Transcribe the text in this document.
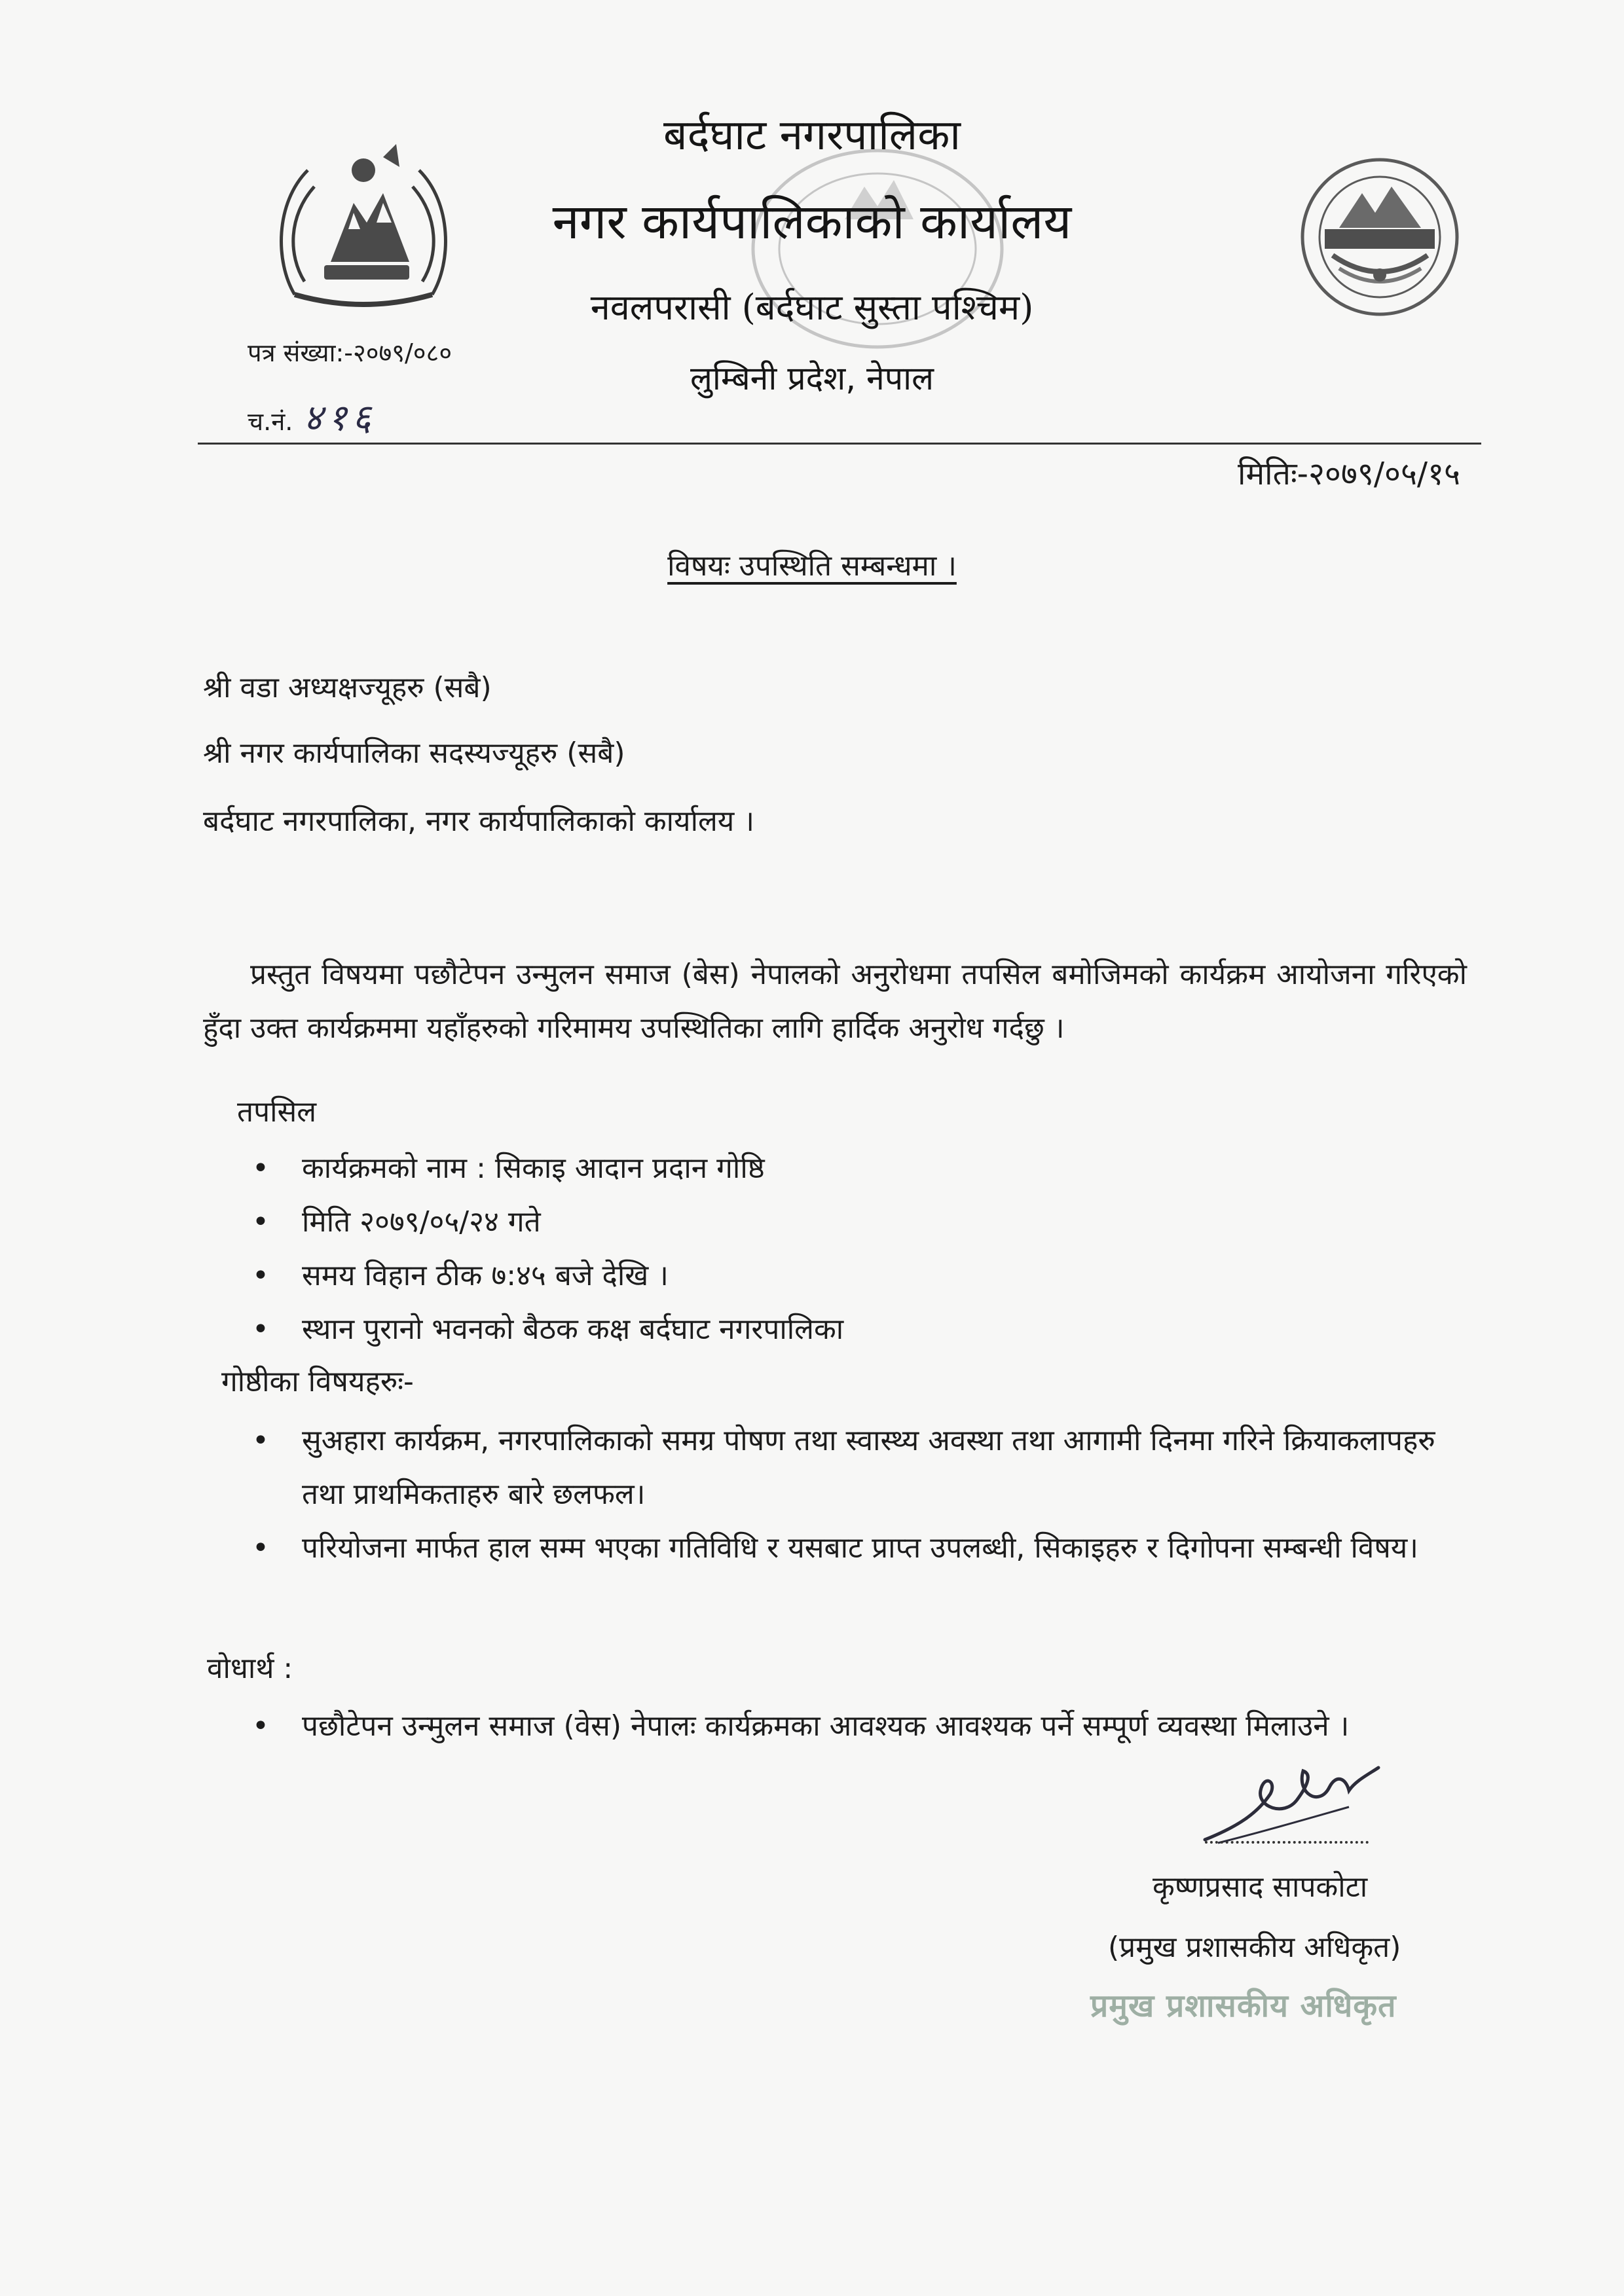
बर्दघाट नगरपालिका
नगर कार्यपालिकाको कार्यालय
नवलपरासी (बर्दघाट सुस्ता पश्चिम)
लुम्बिनी प्रदेश, नेपाल
पत्र संख्या:-२०७९/०८०
च.नं. ४१६
मितिः-२०७९/०५/१५
विषयः उपस्थिति सम्बन्धमा ।
श्री वडा अध्यक्षज्यूहरु (सबै)
श्री नगर कार्यपालिका सदस्यज्यूहरु (सबै)
बर्दघाट नगरपालिका, नगर कार्यपालिकाको कार्यालय ।
प्रस्तुत विषयमा पछौटेपन उन्मुलन समाज (बेस) नेपालको अनुरोधमा तपसिल बमोजिमको कार्यक्रम आयोजना गरिएको हुँदा उक्त कार्यक्रममा यहाँहरुको गरिमामय उपस्थितिका लागि हार्दिक अनुरोध गर्दछु ।
तपसिल
• कार्यक्रमको नाम : सिकाइ आदान प्रदान गोष्ठि
• मिति २०७९/०५/२४ गते
• समय विहान ठीक ७:४५ बजे देखि ।
• स्थान पुरानो भवनको बैठक कक्ष बर्दघाट नगरपालिका
गोष्ठीका विषयहरुः-
• सुअहारा कार्यक्रम, नगरपालिकाको समग्र पोषण तथा स्वास्थ्य अवस्था तथा आगामी दिनमा गरिने क्रियाकलापहरु तथा प्राथमिकताहरु बारे छलफल।
• परियोजना मार्फत हाल सम्म भएका गतिविधि र यसबाट प्राप्त उपलब्धी, सिकाइहरु र दिगोपना सम्बन्धी विषय।
वोधार्थ :
• पछौटेपन उन्मुलन समाज (वेस) नेपालः कार्यक्रमका आवश्यक आवश्यक पर्ने सम्पूर्ण व्यवस्था मिलाउने ।
कृष्णप्रसाद सापकोटा
(प्रमुख प्रशासकीय अधिकृत)
प्रमुख प्रशासकीय अधिकृत
